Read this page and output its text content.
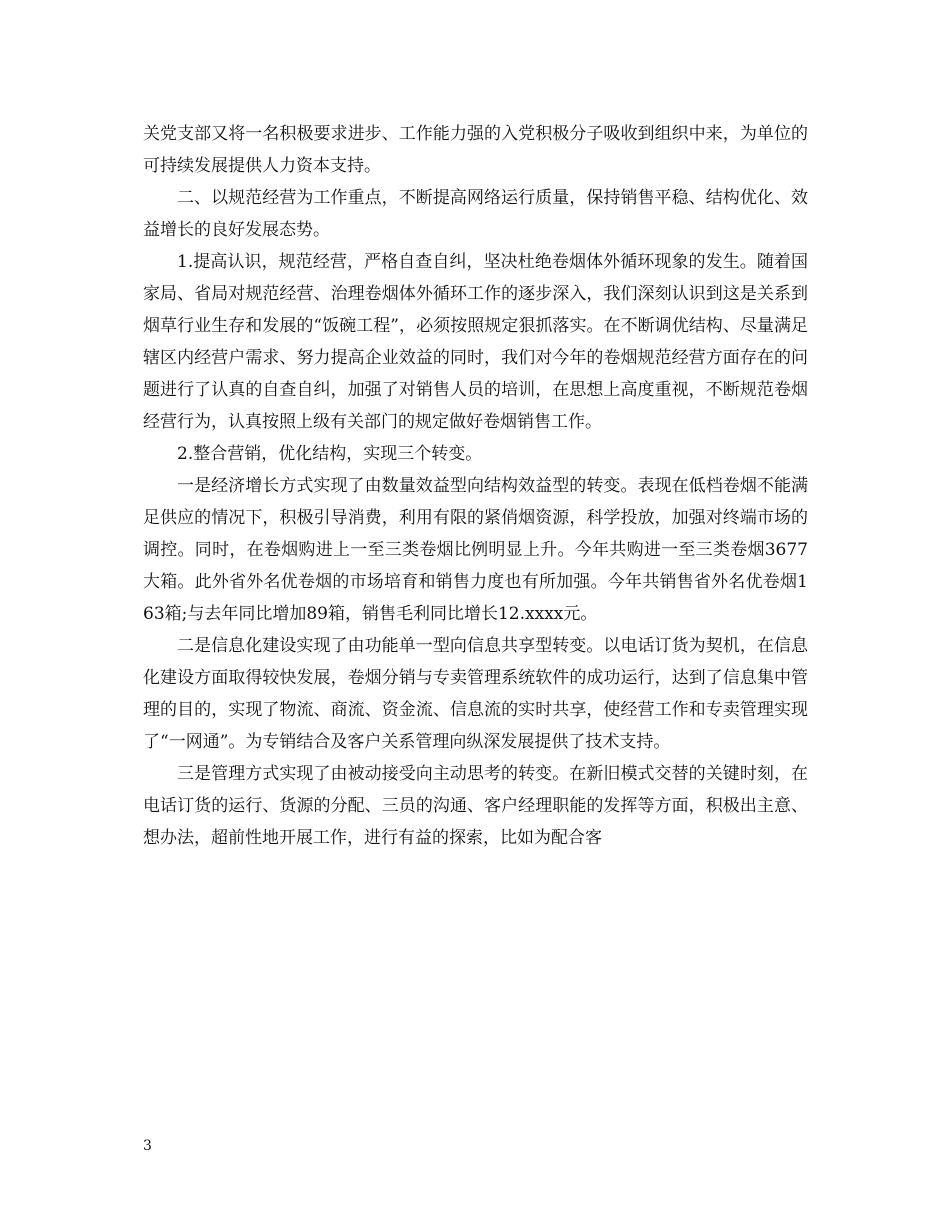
关党支部又将一名积极要求进步、工作能力强的入党积极分子吸收到组织中来，为单位的可持续发展提供人力资本支持。

二、以规范经营为工作重点，不断提高网络运行质量，保持销售平稳、结构优化、效益增长的良好发展态势。

1.提高认识，规范经营，严格自查自纠，坚决杜绝卷烟体外循环现象的发生。随着国家局、省局对规范经营、治理卷烟体外循环工作的逐步深入，我们深刻认识到这是关系到烟草行业生存和发展的“饭碗工程”，必须按照规定狠抓落实。在不断调优结构、尽量满足辖区内经营户需求、努力提高企业效益的同时，我们对今年的卷烟规范经营方面存在的问题进行了认真的自查自纠，加强了对销售人员的培训，在思想上高度重视，不断规范卷烟经营行为，认真按照上级有关部门的规定做好卷烟销售工作。

2.整合营销，优化结构，实现三个转变。

一是经济增长方式实现了由数量效益型向结构效益型的转变。表现在低档卷烟不能满足供应的情况下，积极引导消费，利用有限的紧俏烟资源，科学投放，加强对终端市场的调控。同时，在卷烟购进上一至三类卷烟比例明显上升。今年共购进一至三类卷烟3677大箱。此外省外名优卷烟的市场培育和销售力度也有所加强。今年共销售省外名优卷烟163箱;与去年同比增加89箱，销售毛利同比增长12.xxxx元。

二是信息化建设实现了由功能单一型向信息共享型转变。以电话订货为契机，在信息化建设方面取得较快发展，卷烟分销与专卖管理系统软件的成功运行，达到了信息集中管理的目的，实现了物流、商流、资金流、信息流的实时共享，使经营工作和专卖管理实现了“一网通”。为专销结合及客户关系管理向纵深发展提供了技术支持。

三是管理方式实现了由被动接受向主动思考的转变。在新旧模式交替的关键时刻，在电话订货的运行、货源的分配、三员的沟通、客户经理职能的发挥等方面，积极出主意、想办法，超前性地开展工作，进行有益的探索，比如为配合客

3
